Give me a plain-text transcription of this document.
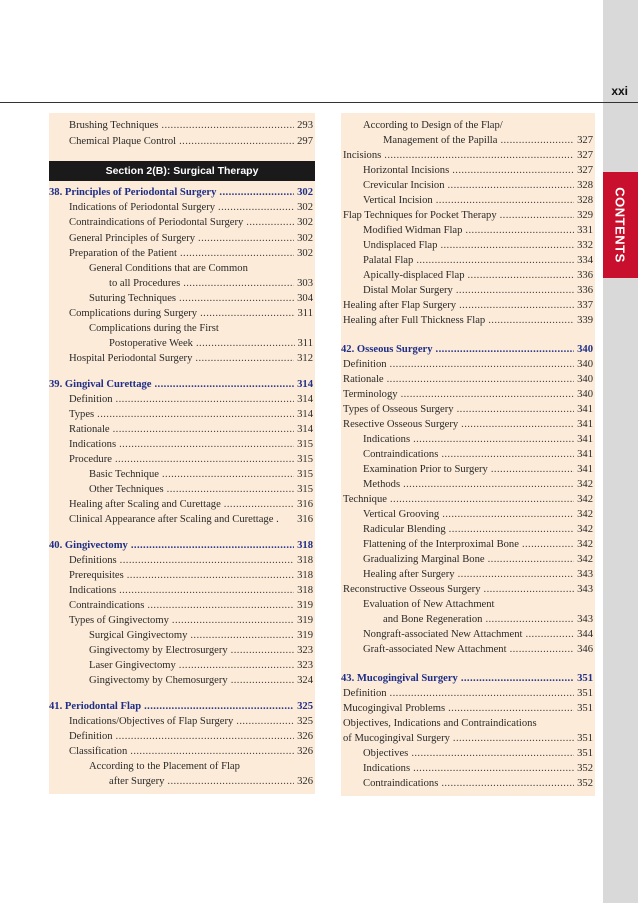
CONTENTS
xxi
Section 2(B): Surgical Therapy
Brushing Techniques	293
.....
Chemical Plaque Control	297
.....
38. Principles of Periodontal Surgery	302
.....
Indications of Periodontal Surgery	302
.....
Contraindications of Periodontal Surgery	302
.....
General Principles of Surgery	302
.....
Preparation of the Patient	302
.....
General Conditions that are Common
to all Procedures	303
.....
Suturing Techniques	304
.....
Complications during Surgery	311
.....
Complications during the First
Postoperative Week	311
.....
Hospital Periodontal Surgery	312
.....
39. Gingival Curettage	314
.....
Definition	314
.....
Types	314
.....
Rationale	314
.....
Indications	315
.....
Procedure	315
.....
Basic Technique	315
.....
Other Techniques	315
.....
Healing after Scaling and Curettage	316
.....
Clinical Appearance after Scaling and Curettage . 316
40. Gingivectomy	318
.....
Definitions	318
.....
Prerequisites	318
.....
Indications	318
.....
Contraindications	319
.....
Types of Gingivectomy	319
.....
Surgical Gingivectomy	319
.....
Gingivectomy by Electrosurgery	323
.....
Laser Gingivectomy	323
.....
Gingivectomy by Chemosurgery	324
.....
41. Periodontal Flap	325
.....
Indications/Objectives of Flap Surgery	325
.....
Definition	326
.....
Classification	326
.....
According to the Placement of Flap
after Surgery	326
.....
According to Design of the Flap/
Management of the Papilla	327
.....
Incisions	327
.....
Horizontal Incisions	327
.....
Crevicular Incision	328
.....
Vertical Incision	328
.....
Flap Techniques for Pocket Therapy	329
.....
Modified Widman Flap	331
.....
Undisplaced Flap	332
.....
Palatal Flap	334
.....
Apically-displaced Flap	336
.....
Distal Molar Surgery	336
.....
Healing after Flap Surgery	337
.....
Healing after Full Thickness Flap	339
.....
42. Osseous Surgery	340
.....
Definition	340
.....
Rationale	340
.....
Terminology	340
.....
Types of Osseous Surgery	341
.....
Resective Osseous Surgery	341
.....
Indications	341
.....
Contraindications	341
.....
Examination Prior to Surgery	341
.....
Methods	342
.....
Technique	342
.....
Vertical Grooving	342
.....
Radicular Blending	342
.....
Flattening of the Interproximal Bone	342
.....
Gradualizing Marginal Bone	342
.....
Healing after Surgery	343
.....
Reconstructive Osseous Surgery	343
.....
Evaluation of New Attachment
and Bone Regeneration	343
.....
Nongraft-associated New Attachment	344
.....
Graft-associated New Attachment	346
.....
43. Mucogingival Surgery	351
.....
Definition	351
.....
Mucogingival Problems	351
.....
Objectives, Indications and Contraindications
of Mucogingival Surgery	351
.....
Objectives	351
.....
Indications	352
.....
Contraindications	352
.....
